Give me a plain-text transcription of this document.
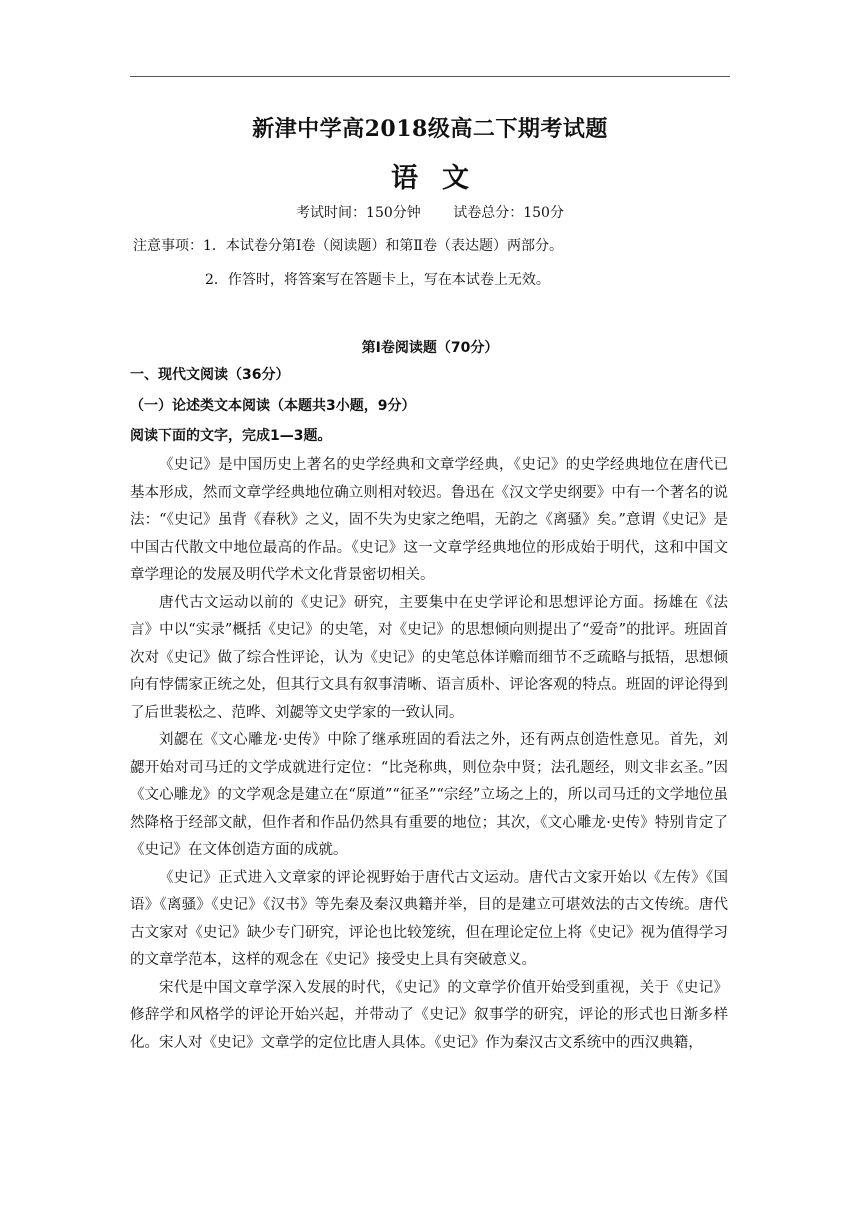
新津中学高2018级高二下期考试题
语文
考试时间：150分钟 试卷总分：150分
注意事项：1．本试卷分第Ⅰ卷（阅读题）和第Ⅱ卷（表达题）两部分。
2．作答时，将答案写在答题卡上，写在本试卷上无效。
第Ⅰ卷阅读题（70分）
一、现代文阅读（36分）
（一）论述类文本阅读（本题共3小题，9分）
阅读下面的文字，完成1—3题。

《史记》是中国历史上著名的史学经典和文章学经典，《史记》的史学经典地位在唐代已基本形成，然而文章学经典地位确立则相对较迟。鲁迅在《汉文学史纲要》中有一个著名的说法：“《史记》虽背《春秋》之义，固不失为史家之绝唱，无韵之《离骚》矣。”意谓《史记》是中国古代散文中地位最高的作品。《史记》这一文章学经典地位的形成始于明代，这和中国文章学理论的发展及明代学术文化背景密切相关。

唐代古文运动以前的《史记》研究，主要集中在史学评论和思想评论方面。扬雄在《法言》中以“实录”概括《史记》的史笔，对《史记》的思想倾向则提出了“爱奇”的批评。班固首次对《史记》做了综合性评论，认为《史记》的史笔总体详赡而细节不乏疏略与抵牾，思想倾向有悖儒家正统之处，但其行文具有叙事清晰、语言质朴、评论客观的特点。班固的评论得到了后世裴松之、范晔、刘勰等文史学家的一致认同。

刘勰在《文心雕龙·史传》中除了继承班固的看法之外，还有两点创造性意见。首先，刘勰开始对司马迁的文学成就进行定位：“比尧称典，则位杂中贤；法孔题经，则文非玄圣。”因《文心雕龙》的文学观念是建立在“原道”“征圣”“宗经”立场之上的，所以司马迁的文学地位虽然降格于经部文献，但作者和作品仍然具有重要的地位；其次，《文心雕龙·史传》特别肯定了《史记》在文体创造方面的成就。

《史记》正式进入文章家的评论视野始于唐代古文运动。唐代古文家开始以《左传》《国语》《离骚》《史记》《汉书》等先秦及秦汉典籍并举，目的是建立可堪效法的古文传统。唐代古文家对《史记》缺少专门研究，评论也比较笼统，但在理论定位上将《史记》视为值得学习的文章学范本，这样的观念在《史记》接受史上具有突破意义。

宋代是中国文章学深入发展的时代，《史记》的文章学价值开始受到重视，关于《史记》修辞学和风格学的评论开始兴起，并带动了《史记》叙事学的研究，评论的形式也日渐多样化。宋人对《史记》文章学的定位比唐人具体。《史记》作为秦汉古文系统中的西汉典籍，
